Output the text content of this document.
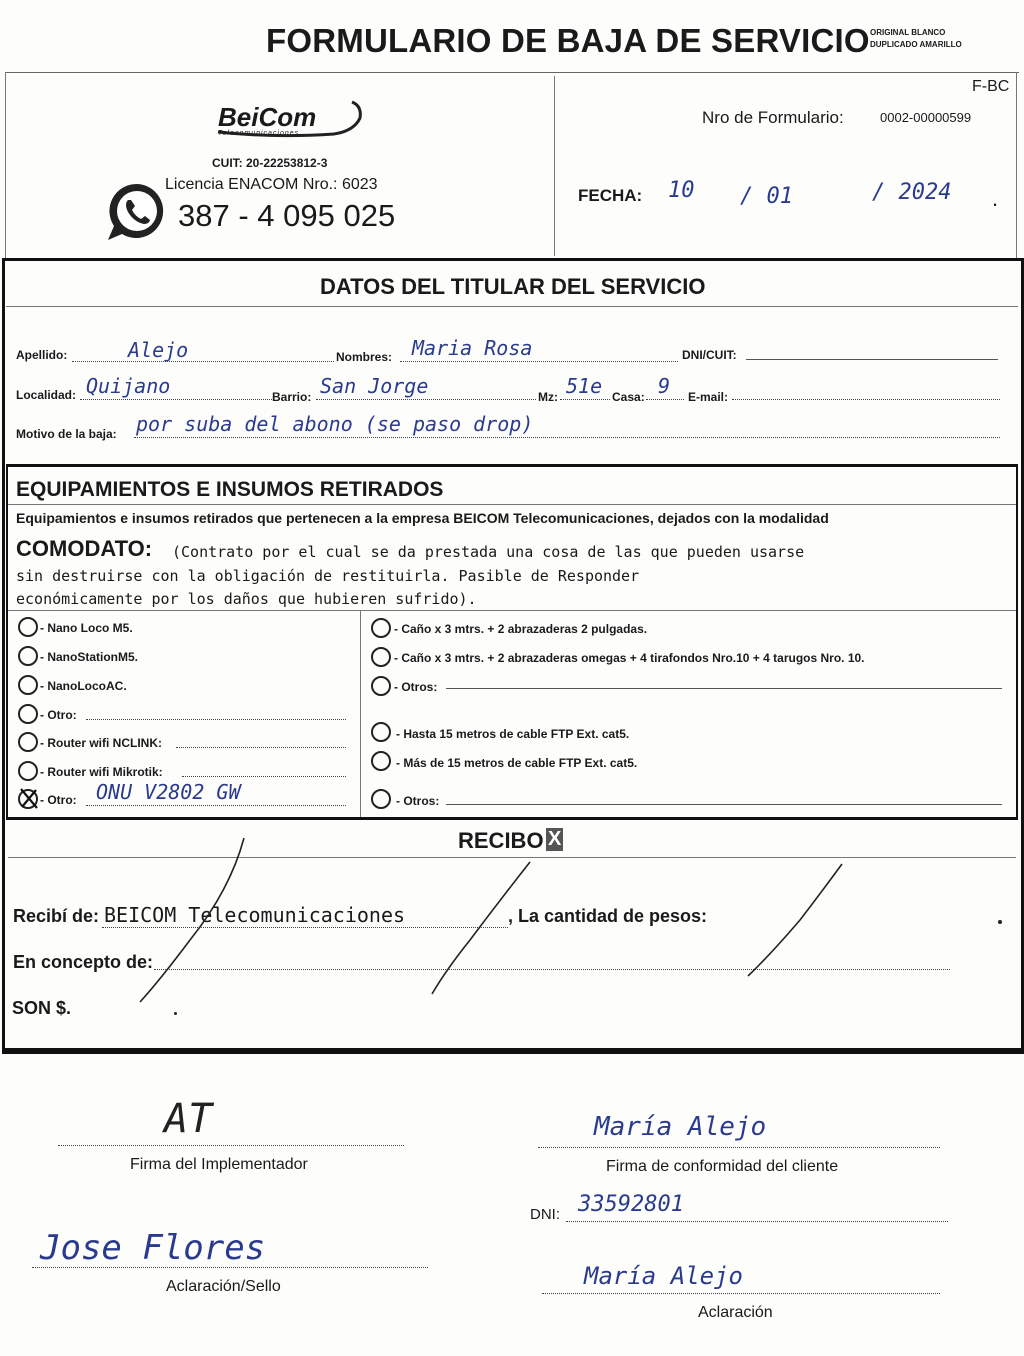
FORMULARIO DE BAJA DE SERVICIO ORIGINAL BLANCO
DUPLICADO AMARILLO
BeiCom
Telecomunicaciones
CUIT: 20-22253812-3
Licencia ENACOM Nro.: 6023
387 - 4 095 025
F-BC
Nro de Formulario:	0002-00000599
FECHA: 10 / 01	/ 2024 .
DATOS DEL TITULAR DEL SERVICIO
Apellido:	Alejo	Nombres: Maria Rosa	DNI/CUIT:
Localidad: Quijano	Barrio: San Jorge	Mz: 51e Casa: 9 E-mail:
Motivo de la baja: por suba del abono (se paso drop)
EQUIPAMIENTOS E INSUMOS RETIRADOS
Equipamientos e insumos retirados que pertenecen a la empresa BEICOM Telecomunicaciones, dejados con la modalidad
COMODATO: (Contrato por el cual se da prestada una cosa de las que pueden usarse
sin destruirse con la obligación de restituirla. Pasible de Responder
económicamente por los daños que hubieren sufrido).
- Nano Loco M5.
- NanoStationM5.
- NanoLocoAC.
- Otro:
- Router wifi NCLINK:
- Router wifi Mikrotik:
- Otro: ONU V2802 GW
- Caño x 3 mtrs. + 2 abrazaderas 2 pulgadas.
- Caño x 3 mtrs. + 2 abrazaderas omegas + 4 tirafondos Nro.10 + 4 tarugos Nro. 10.
- Otros:
- Hasta 15 metros de cable FTP Ext. cat5.
- Más de 15 metros de cable FTP Ext. cat5.
- Otros:
RECIBO X
Recibí de: BEICOM Telecomunicaciones	, La cantidad de pesos:
En concepto de:
SON $.
AT
Firma del Implementador
María Alejo
Firma de conformidad del cliente
DNI: 33592801
Jose Flores
Aclaración/Sello	María Alejo
Aclaración
